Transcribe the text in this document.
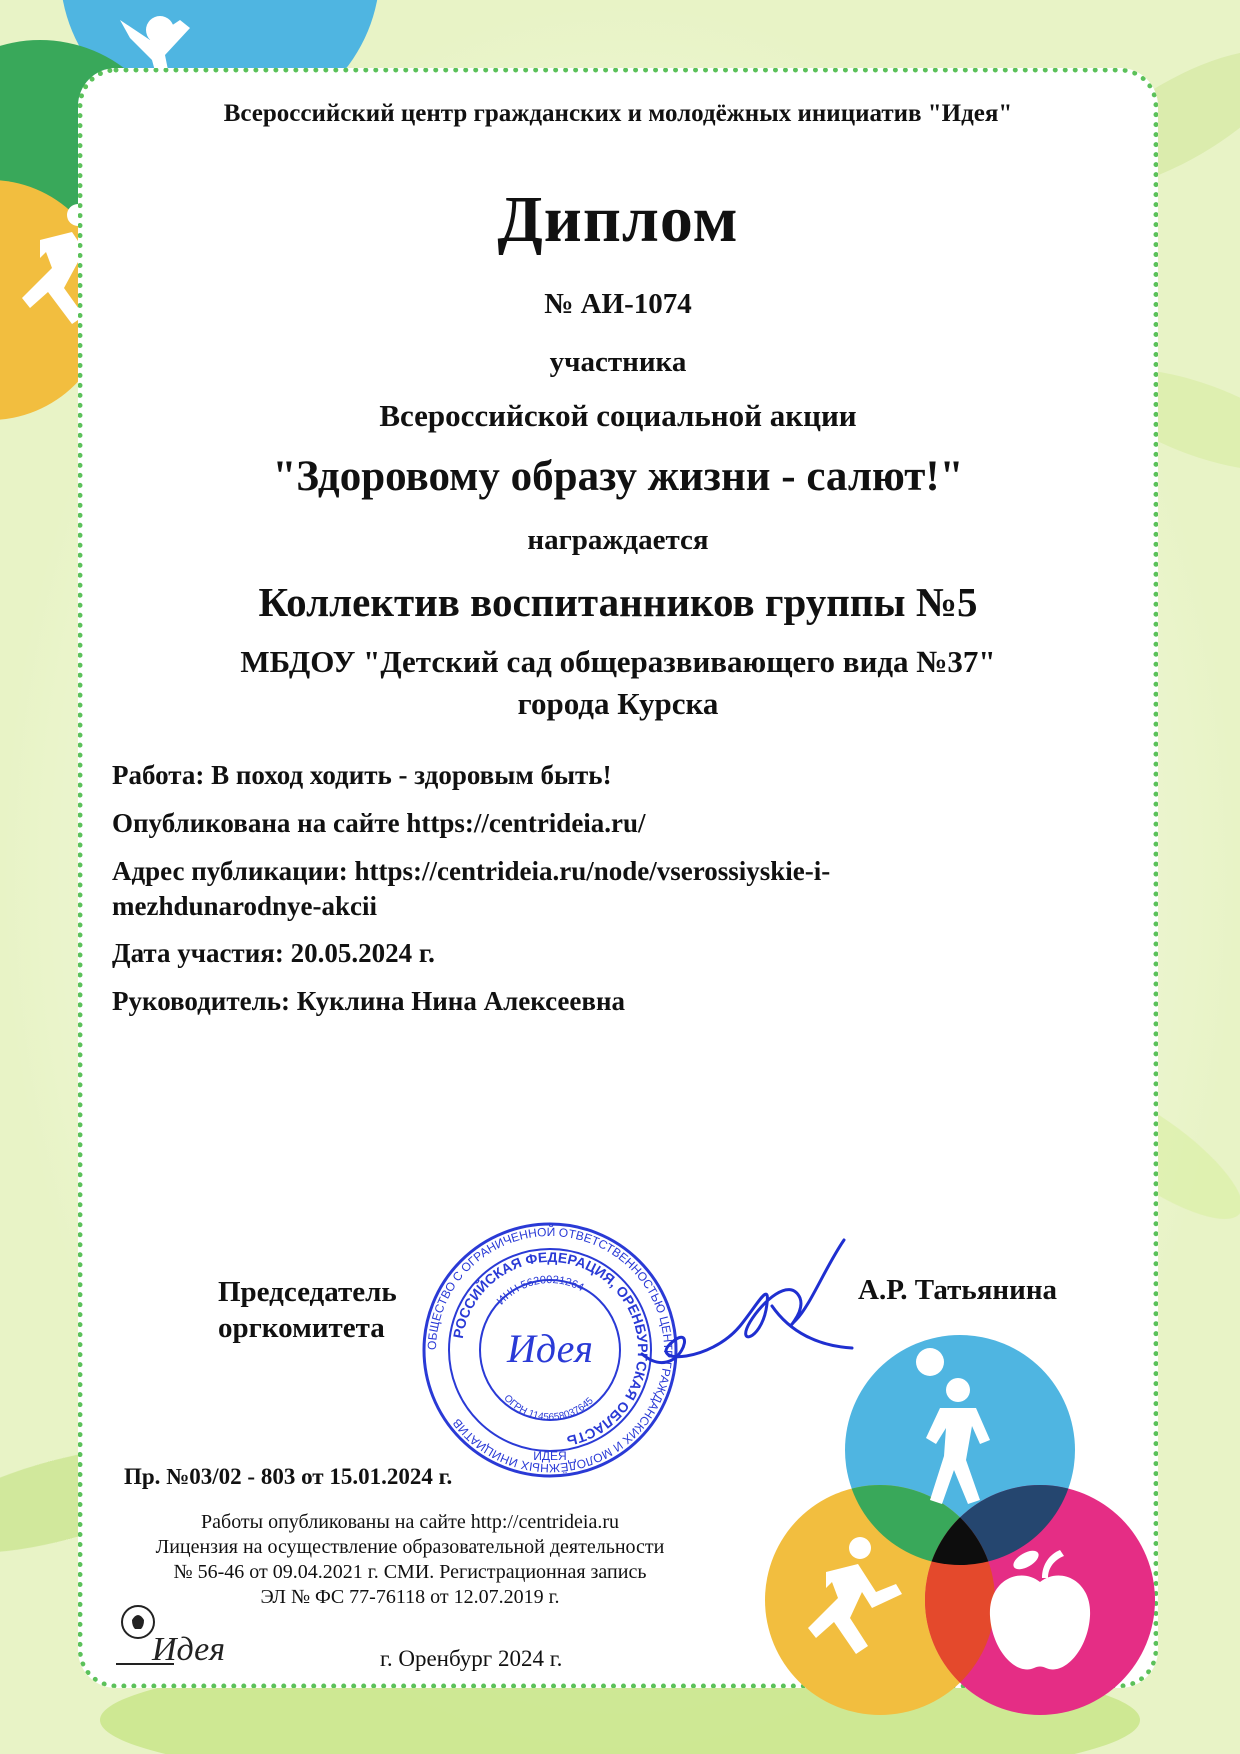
Всероссийский центр гражданских и молодёжных инициатив "Идея"

Диплом

№ АИ-1074

участника

Всероссийской социальной акции

"Здоровому образу жизни - салют!"

награждается

Коллектив воспитанников группы №5

МБДОУ "Детский сад общеразвивающего вида №37"

города Курска

Работа: В поход ходить - здоровым быть!

Опубликована на сайте https://centrideia.ru/

Адрес публикации: https://centrideia.ru/node/vserossiyskie-i-
mezhdunarodnye-akcii

Дата участия: 20.05.2024 г.

Руководитель: Куклина Нина Алексеевна

Председатель
оргкомитета
А.Р. Татьянина
ОБЩЕСТВО С ОГРАНИЧЕННОЙ ОТВЕТСТВЕННОСТЬЮ ЦЕНТР ГРАЖДАНСКИХ И МОЛОДЁЖНЫХ ИНИЦИАТИВ
РОССИЙСКАЯ ФЕДЕРАЦИЯ, ОРЕНБУРГСКАЯ ОБЛАСТЬ
ИНН 5620021264
ОГРН 1145658037645
Идея
ИДЕЯ
Пр. №03/02 - 803 от 15.01.2024 г.

Работы опубликованы на сайте http://centrideia.ru

Лицензия на осуществление образовательной деятельности

№ 56-46 от 09.04.2021 г. СМИ. Регистрационная запись

ЭЛ № ФС 77-76118 от 12.07.2019 г.

Идея	г. Оренбург 2024 г.
